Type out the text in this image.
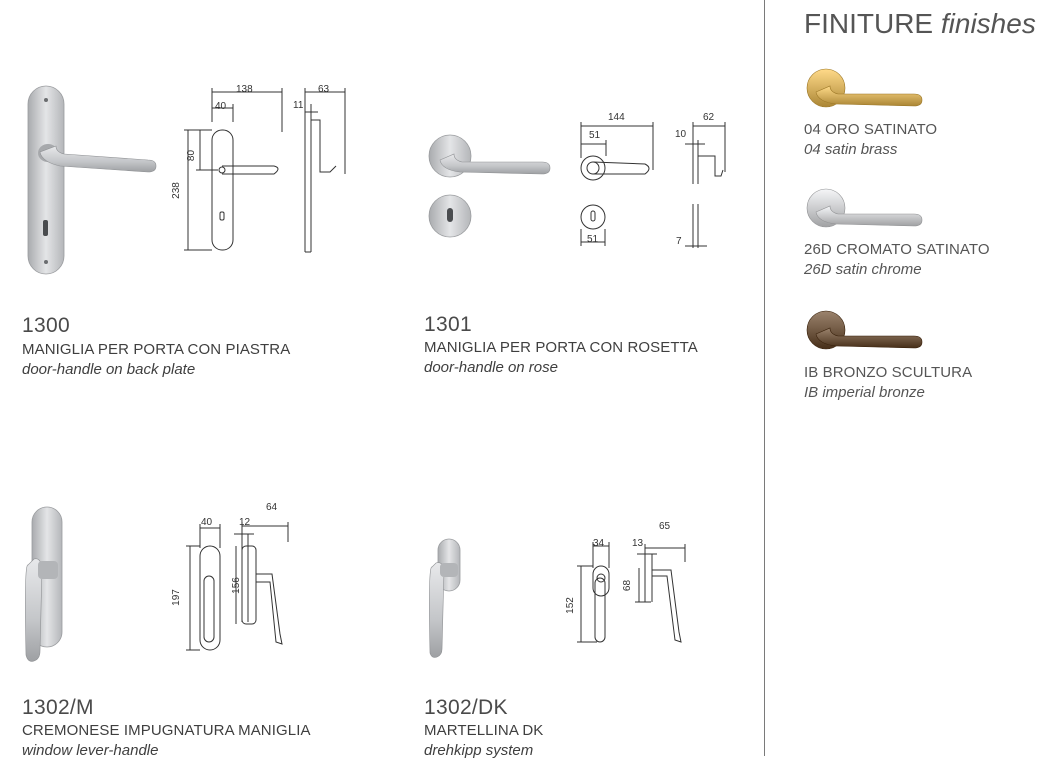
138
40
80
238
11
63
1300
MANIGLIA PER PORTA CON PIASTRA
door-handle on back plate
144
51	10
62
51	7
1301
MANIGLIA PER PORTA CON ROSETTA
door-handle on rose
40	12
64
197
156
1302/M
CREMONESE IMPUGNATURA MANIGLIA
window lever-handle
34	13
65
152
68
1302/DK
MARTELLINA DK
drehkipp system
FINITURE finishes
04 ORO SATINATO
04 satin brass
26D CROMATO SATINATO
26D satin chrome
IB BRONZO SCULTURA
IB imperial bronze
